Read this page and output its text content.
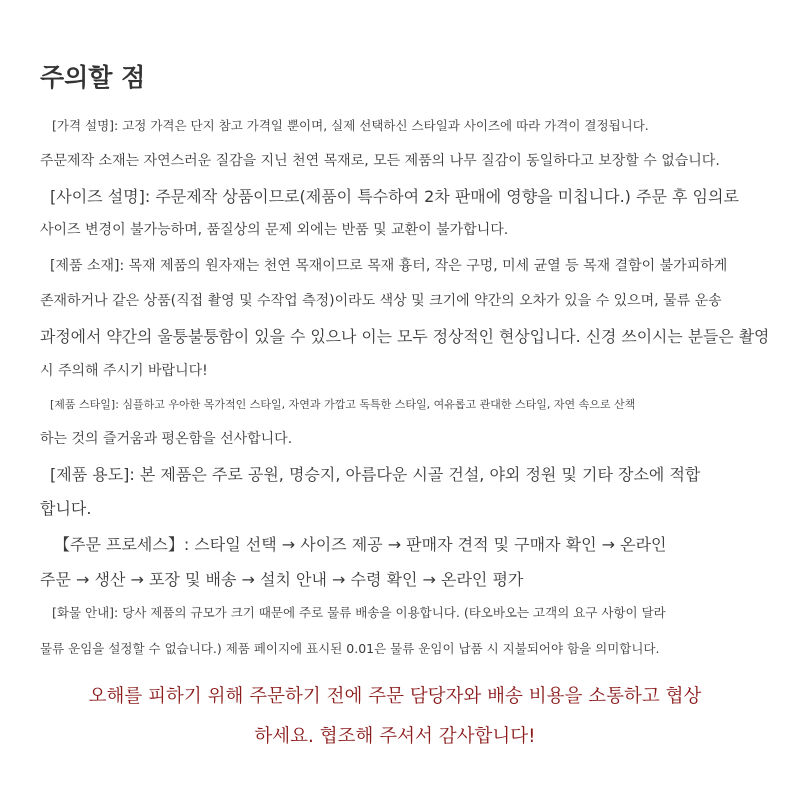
주의할 점
[가격 설명]: 고정 가격은 단지 참고 가격일 뿐이며, 실제 선택하신 스타일과 사이즈에 따라 가격이 결정됩니다.
주문제작 소재는 자연스러운 질감을 지닌 천연 목재로, 모든 제품의 나무 질감이 동일하다고 보장할 수 없습니다.
[사이즈 설명]: 주문제작 상품이므로(제품이 특수하여 2차 판매에 영향을 미칩니다.) 주문 후 임의로
사이즈 변경이 불가능하며, 품질상의 문제 외에는 반품 및 교환이 불가합니다.
[제품 소재]: 목재 제품의 원자재는 천연 목재이므로 목재 흉터, 작은 구멍, 미세 균열 등 목재 결함이 불가피하게
존재하거나 같은 상품(직접 촬영 및 수작업 측정)이라도 색상 및 크기에 약간의 오차가 있을 수 있으며, 물류 운송
과정에서 약간의 울퉁불퉁함이 있을 수 있으나 이는 모두 정상적인 현상입니다. 신경 쓰이시는 분들은 촬영
시 주의해 주시기 바랍니다!
[제품 스타일]: 심플하고 우아한 목가적인 스타일, 자연과 가깝고 독특한 스타일, 여유롭고 관대한 스타일, 자연 속으로 산책
하는 것의 즐거움과 평온함을 선사합니다.
[제품 용도]: 본 제품은 주로 공원, 명승지, 아름다운 시골 건설, 야외 정원 및 기타 장소에 적합
합니다.
【주문 프로세스】: 스타일 선택 → 사이즈 제공 → 판매자 견적 및 구매자 확인 → 온라인
주문 → 생산 → 포장 및 배송 → 설치 안내 → 수령 확인 → 온라인 평가
[화물 안내]: 당사 제품의 규모가 크기 때문에 주로 물류 배송을 이용합니다. (타오바오는 고객의 요구 사항이 달라
물류 운임을 설정할 수 없습니다.) 제품 페이지에 표시된 0.01은 물류 운임이 납품 시 지불되어야 함을 의미합니다.
오해를 피하기 위해 주문하기 전에 주문 담당자와 배송 비용을 소통하고 협상
하세요. 협조해 주셔서 감사합니다!
